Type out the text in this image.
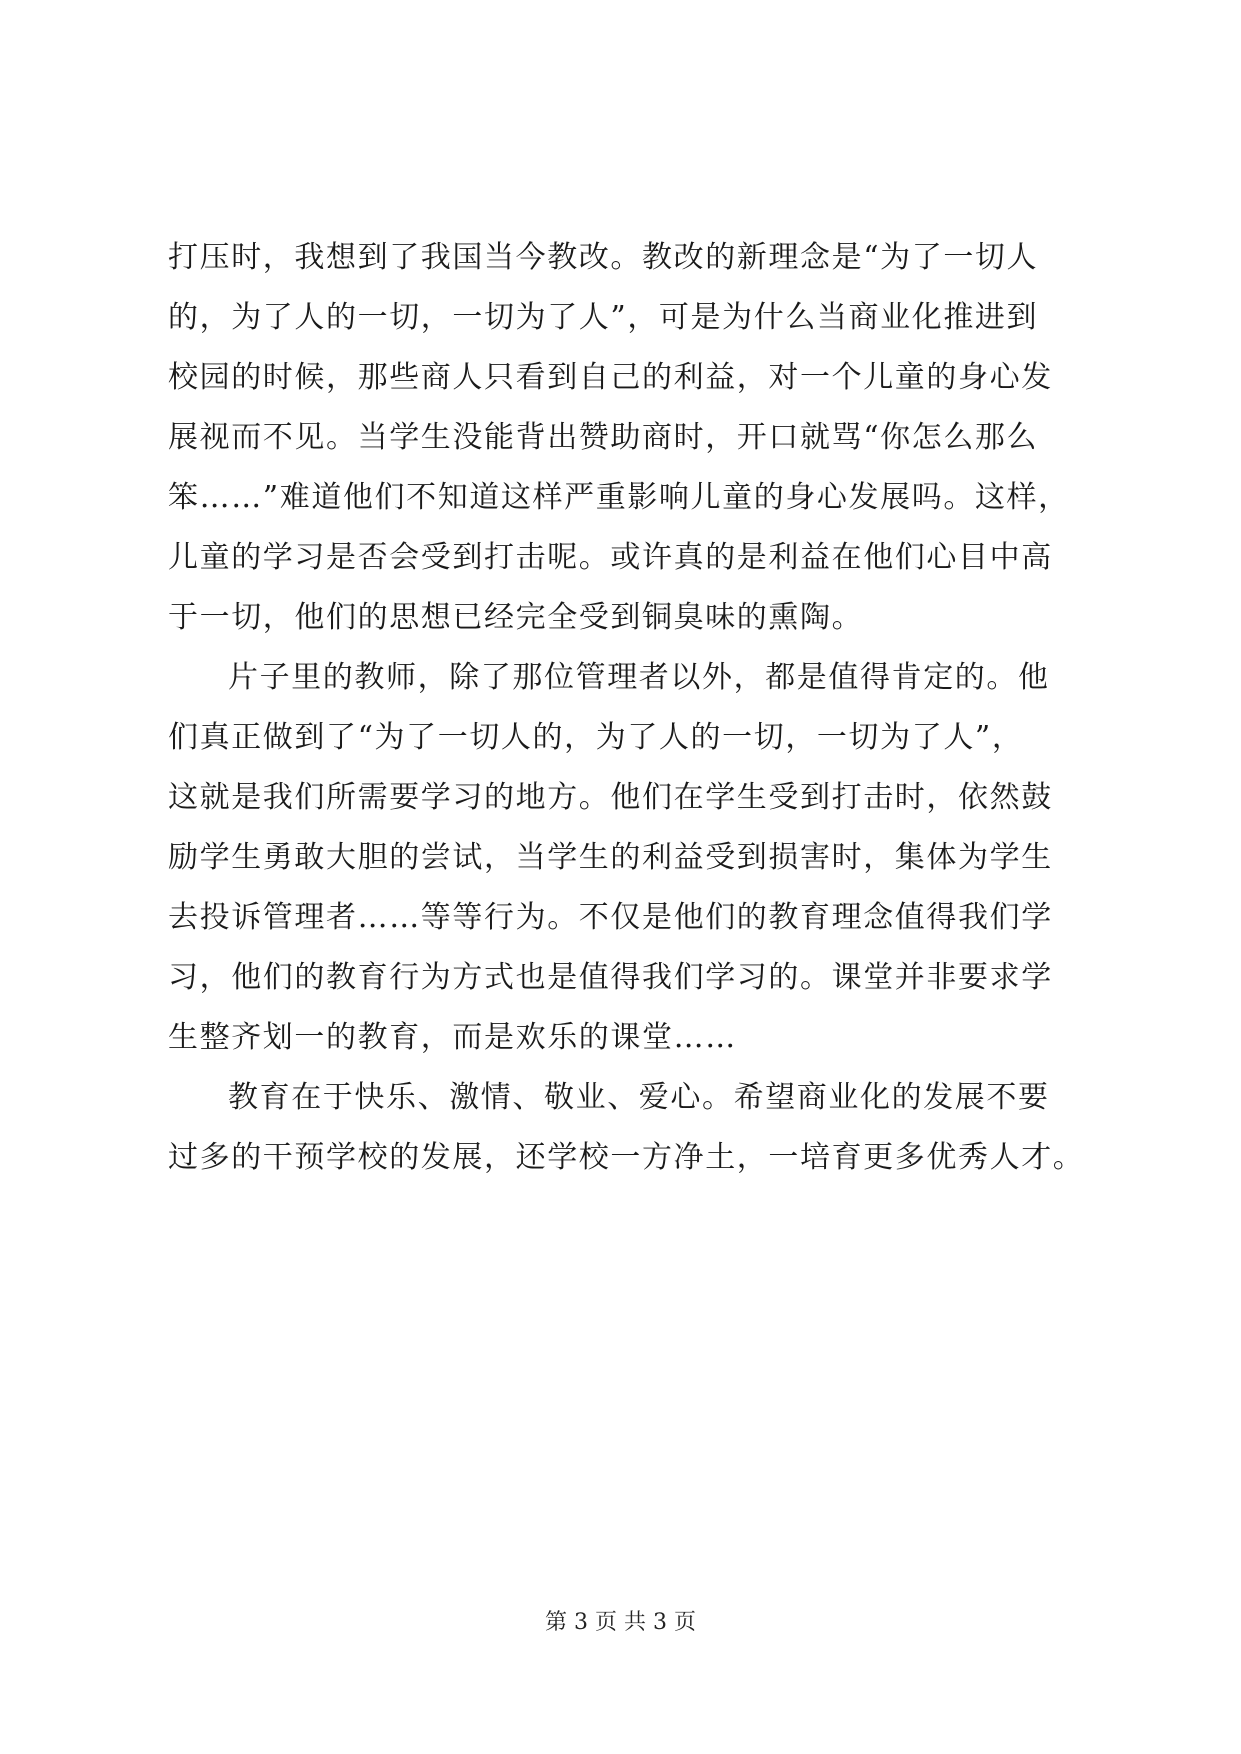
打压时，我想到了我国当今教改。教改的新理念是“为了一切人
的，为了人的一切，一切为了人”，可是为什么当商业化推进到
校园的时候，那些商人只看到自己的利益，对一个儿童的身心发
展视而不见。当学生没能背出赞助商时，开口就骂“你怎么那么
笨……”难道他们不知道这样严重影响儿童的身心发展吗。这样，
儿童的学习是否会受到打击呢。或许真的是利益在他们心目中高
于一切，他们的思想已经完全受到铜臭味的熏陶。

片子里的教师，除了那位管理者以外，都是值得肯定的。他
们真正做到了“为了一切人的，为了人的一切，一切为了人”，
这就是我们所需要学习的地方。他们在学生受到打击时，依然鼓
励学生勇敢大胆的尝试，当学生的利益受到损害时，集体为学生
去投诉管理者……等等行为。不仅是他们的教育理念值得我们学
习，他们的教育行为方式也是值得我们学习的。课堂并非要求学
生整齐划一的教育，而是欢乐的课堂……

教育在于快乐、激情、敬业、爱心。希望商业化的发展不要
过多的干预学校的发展，还学校一方净土，一培育更多优秀人才。

第 3 页 共 3 页
